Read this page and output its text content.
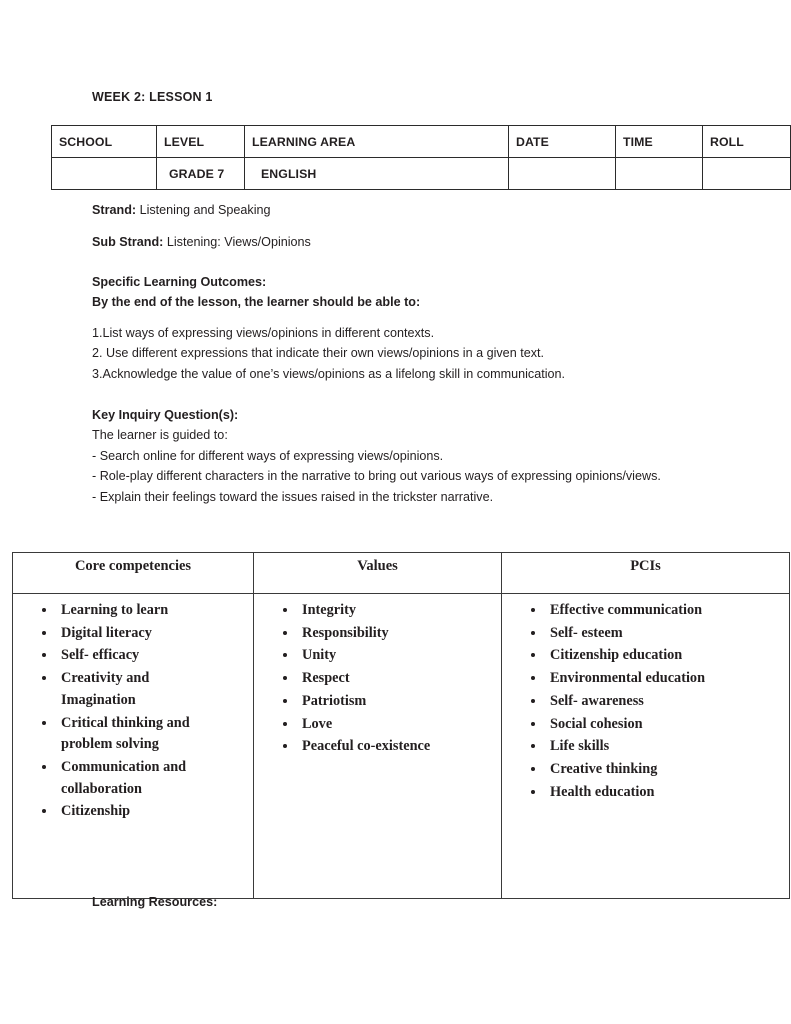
WEEK 2: LESSON 1
SCHOOL	LEVEL	LEARNING AREA	DATE	TIME	ROLL
	GRADE 7	ENGLISH			
Strand: Listening and Speaking
Sub Strand: Listening: Views/Opinions
Specific Learning Outcomes:
By the end of the lesson, the learner should be able to:
1.List ways of expressing views/opinions in different contexts.
2. Use different expressions that indicate their own views/opinions in a given text.
3.Acknowledge the value of one’s views/opinions as a lifelong skill in communication.
Key Inquiry Question(s):
The learner is guided to:
- Search online for different ways of expressing views/opinions.
- Role-play different characters in the narrative to bring out various ways of expressing opinions/views.
- Explain their feelings toward the issues raised in the trickster narrative.
Core competencies	Values	PCIs

• Learning to learn
• Digital literacy
• Self- efficacy
• Creativity and Imagination
• Critical thinking and problem solving
• Communication and collaboration
• Citizenship

• Integrity
• Responsibility
• Unity
• Respect
• Patriotism
• Love
• Peaceful co-existence

• Effective communication
• Self- esteem
• Citizenship education
• Environmental education
• Self- awareness
• Social cohesion
• Life skills
• Creative thinking
• Health education
Learning Resources:
